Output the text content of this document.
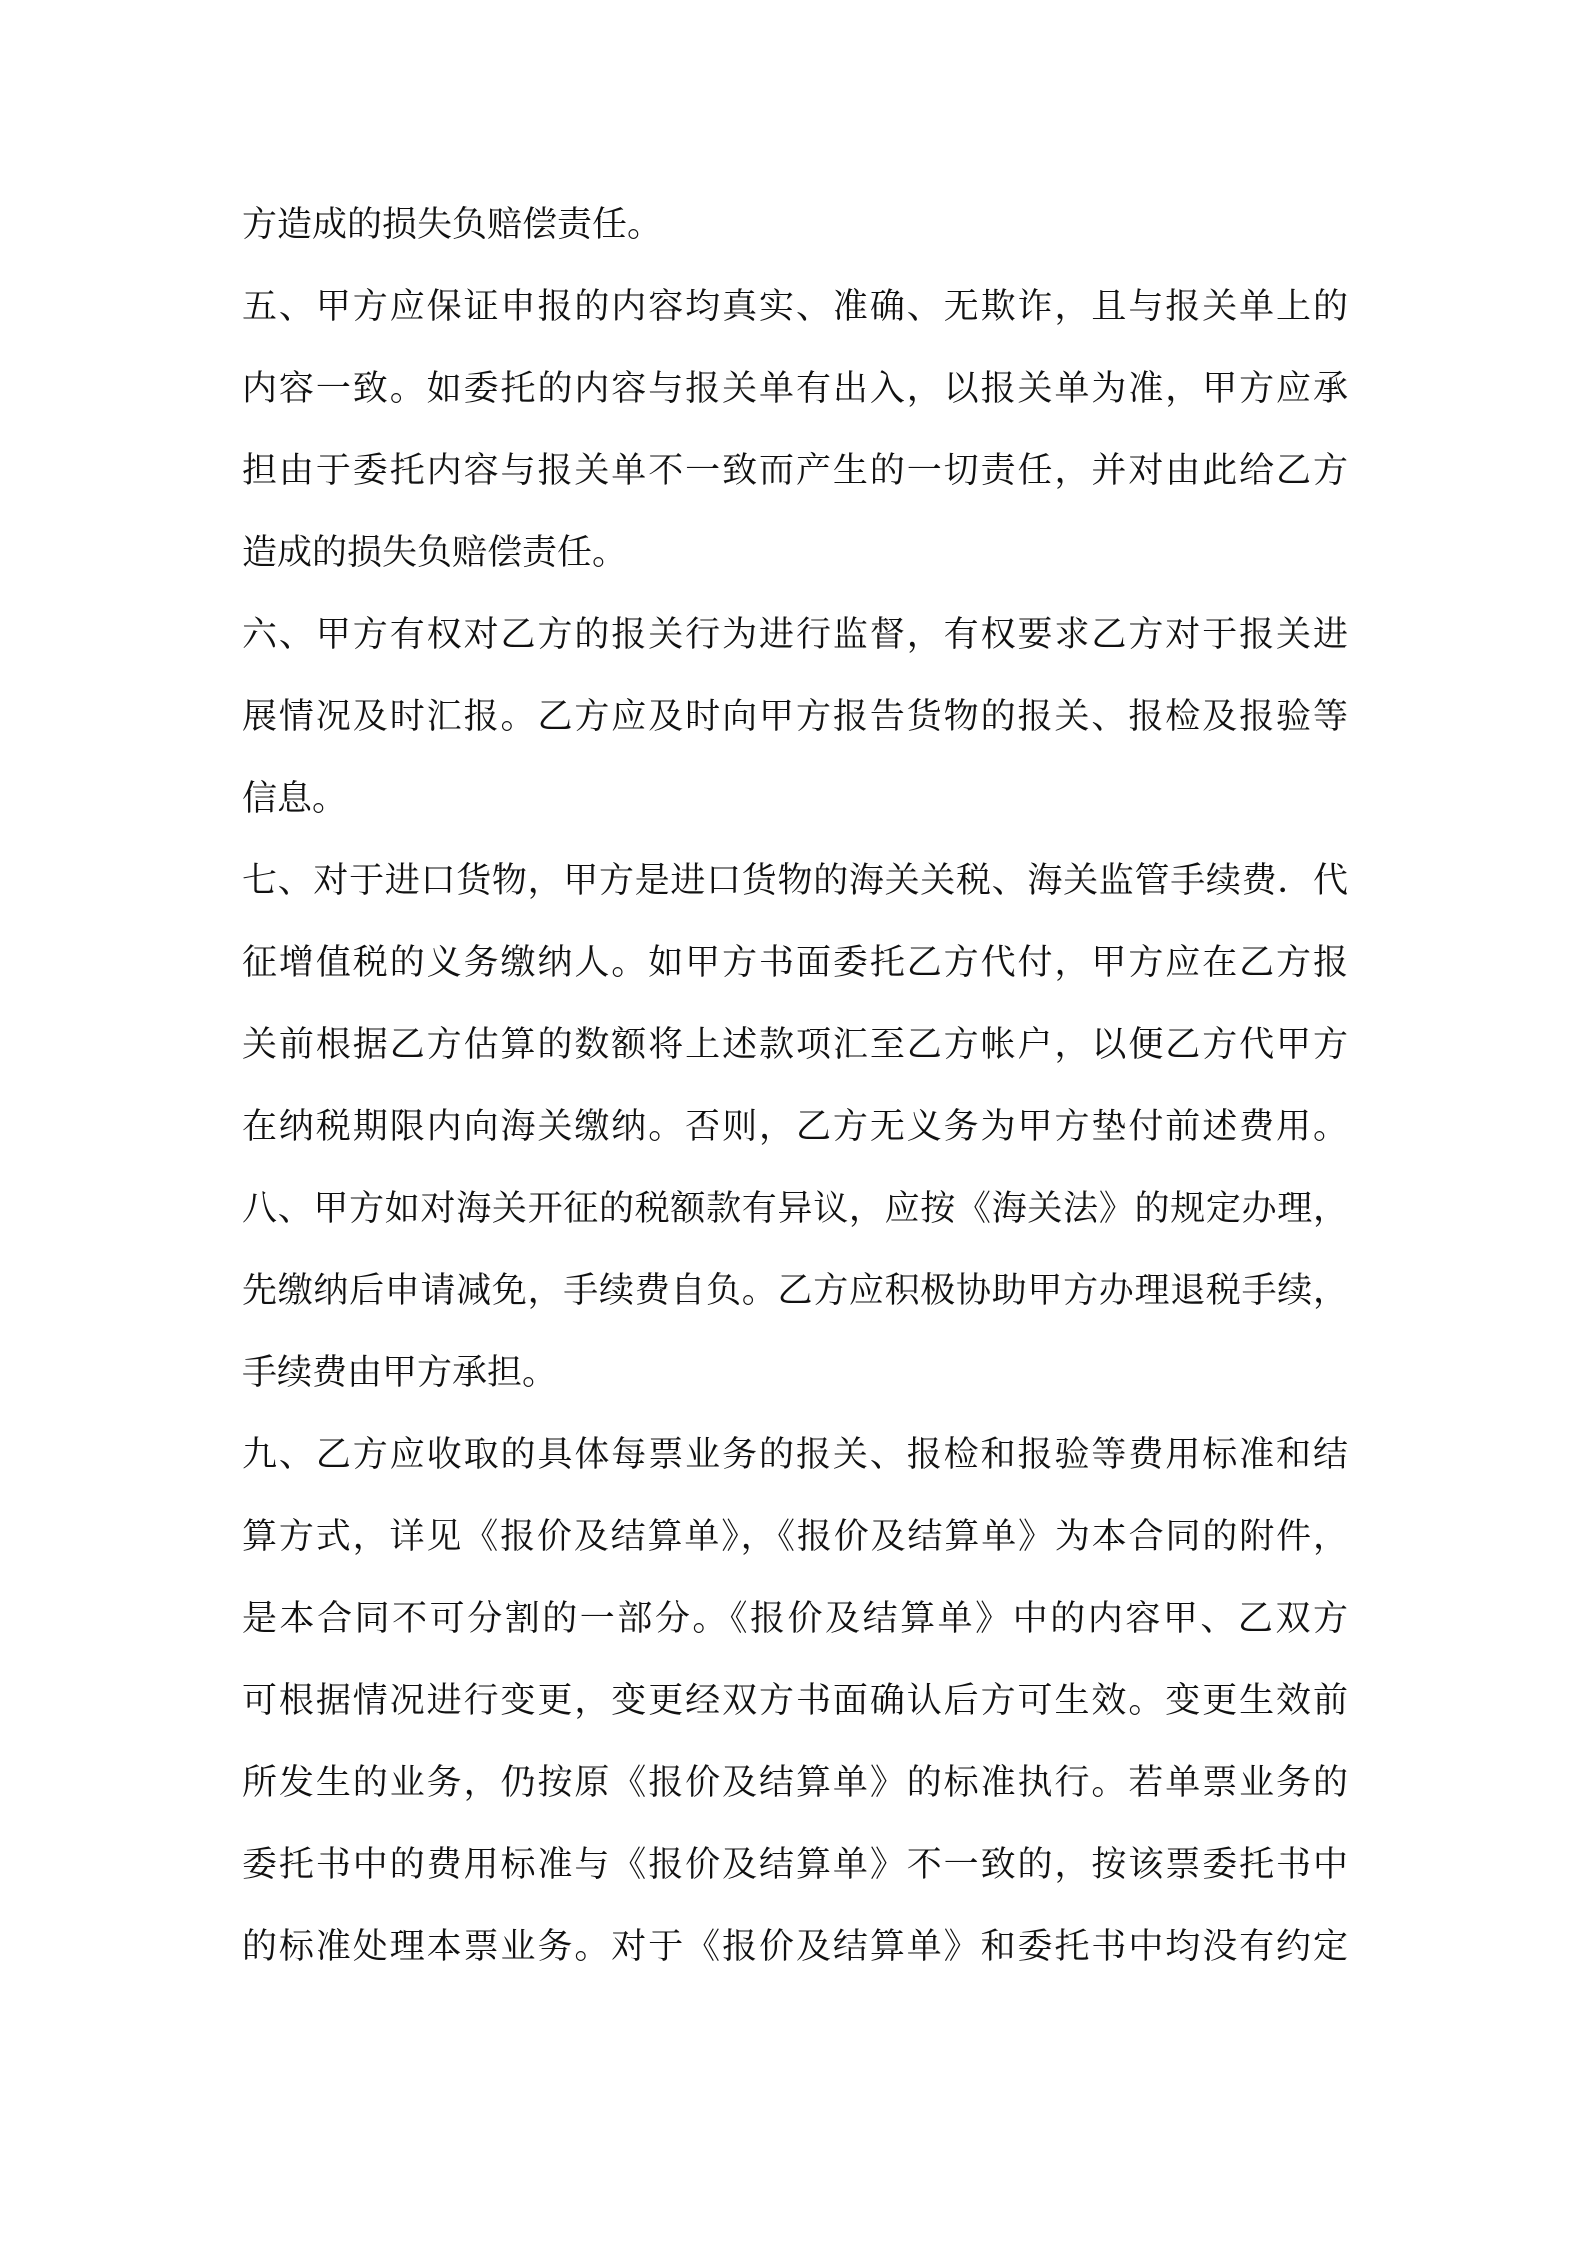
方造成的损失负赔偿责任。
五、甲方应保证申报的内容均真实、准确、无欺诈，且与报关单上的
内容一致。如委托的内容与报关单有出入，以报关单为准，甲方应承
担由于委托内容与报关单不一致而产生的一切责任，并对由此给乙方
造成的损失负赔偿责任。
六、甲方有权对乙方的报关行为进行监督，有权要求乙方对于报关进
展情况及时汇报。乙方应及时向甲方报告货物的报关、报检及报验等
信息。
七、对于进口货物，甲方是进口货物的海关关税、海关监管手续费．代
征增值税的义务缴纳人。如甲方书面委托乙方代付，甲方应在乙方报
关前根据乙方估算的数额将上述款项汇至乙方帐户，以便乙方代甲方
在纳税期限内向海关缴纳。否则，乙方无义务为甲方垫付前述费用。
八、甲方如对海关开征的税额款有异议，应按《海关法》的规定办理，
先缴纳后申请减免，手续费自负。乙方应积极协助甲方办理退税手续，
手续费由甲方承担。
九、乙方应收取的具体每票业务的报关、报检和报验等费用标准和结
算方式，详见《报价及结算单》，《报价及结算单》为本合同的附件，
是本合同不可分割的一部分。《报价及结算单》中的内容甲、乙双方
可根据情况进行变更，变更经双方书面确认后方可生效。变更生效前
所发生的业务，仍按原《报价及结算单》的标准执行。若单票业务的
委托书中的费用标准与《报价及结算单》不一致的，按该票委托书中
的标准处理本票业务。对于《报价及结算单》和委托书中均没有约定
